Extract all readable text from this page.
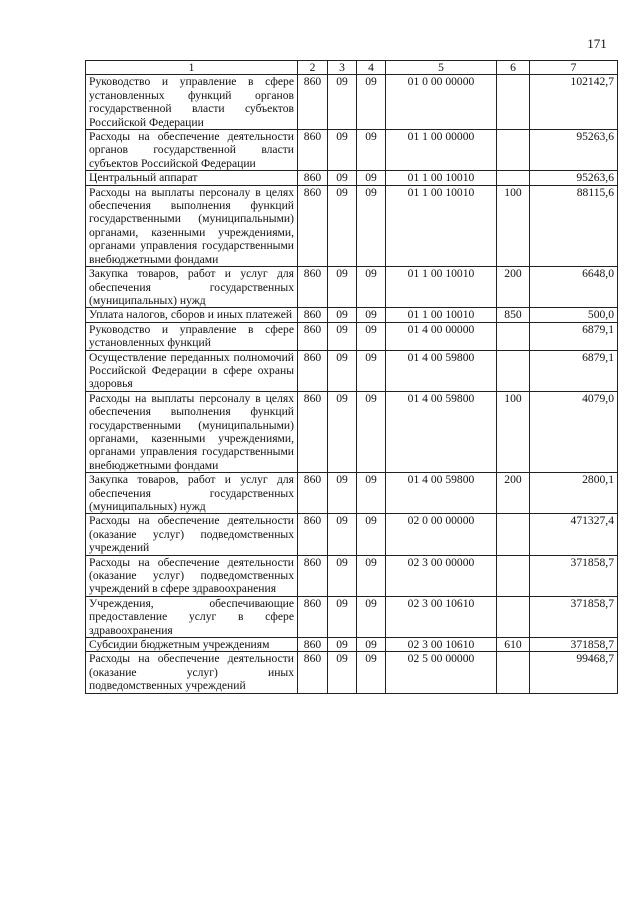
171
1	2	3	4	5	6	7
Руководство и управление в сфере установленных функций органов государственной власти субъектов Российской Федерации	860	09	09	01 0 00 00000		102142,7
Расходы на обеспечение деятельности органов государственной власти субъектов Российской Федерации	860	09	09	01 1 00 00000		95263,6
Центральный аппарат	860	09	09	01 1 00 10010		95263,6
Расходы на выплаты персоналу в целях обеспечения выполнения функций государственными (муниципальными) органами, казенными учреждениями, органами управления государственными внебюджетными фондами	860	09	09	01 1 00 10010	100	88115,6
Закупка товаров, работ и услуг для обеспечения государственных (муниципальных) нужд	860	09	09	01 1 00 10010	200	6648,0
Уплата налогов, сборов и иных платежей	860	09	09	01 1 00 10010	850	500,0
Руководство и управление в сфере установленных функций	860	09	09	01 4 00 00000		6879,1
Осуществление переданных полномочий Российской Федерации в сфере охраны здоровья	860	09	09	01 4 00 59800		6879,1
Расходы на выплаты персоналу в целях обеспечения выполнения функций государственными (муниципальными) органами, казенными учреждениями, органами управления государственными внебюджетными фондами	860	09	09	01 4 00 59800	100	4079,0
Закупка товаров, работ и услуг для обеспечения государственных (муниципальных) нужд	860	09	09	01 4 00 59800	200	2800,1
Расходы на обеспечение деятельности (оказание услуг) подведомственных учреждений	860	09	09	02 0 00 00000		471327,4
Расходы на обеспечение деятельности (оказание услуг) подведомственных учреждений в сфере здравоохранения	860	09	09	02 3 00 00000		371858,7
Учреждения, обеспечивающие предоставление услуг в сфере здравоохранения	860	09	09	02 3 00 10610		371858,7
Субсидии бюджетным учреждениям	860	09	09	02 3 00 10610	610	371858,7
Расходы на обеспечение деятельности (оказание услуг) иных подведомственных учреждений	860	09	09	02 5 00 00000		99468,7
